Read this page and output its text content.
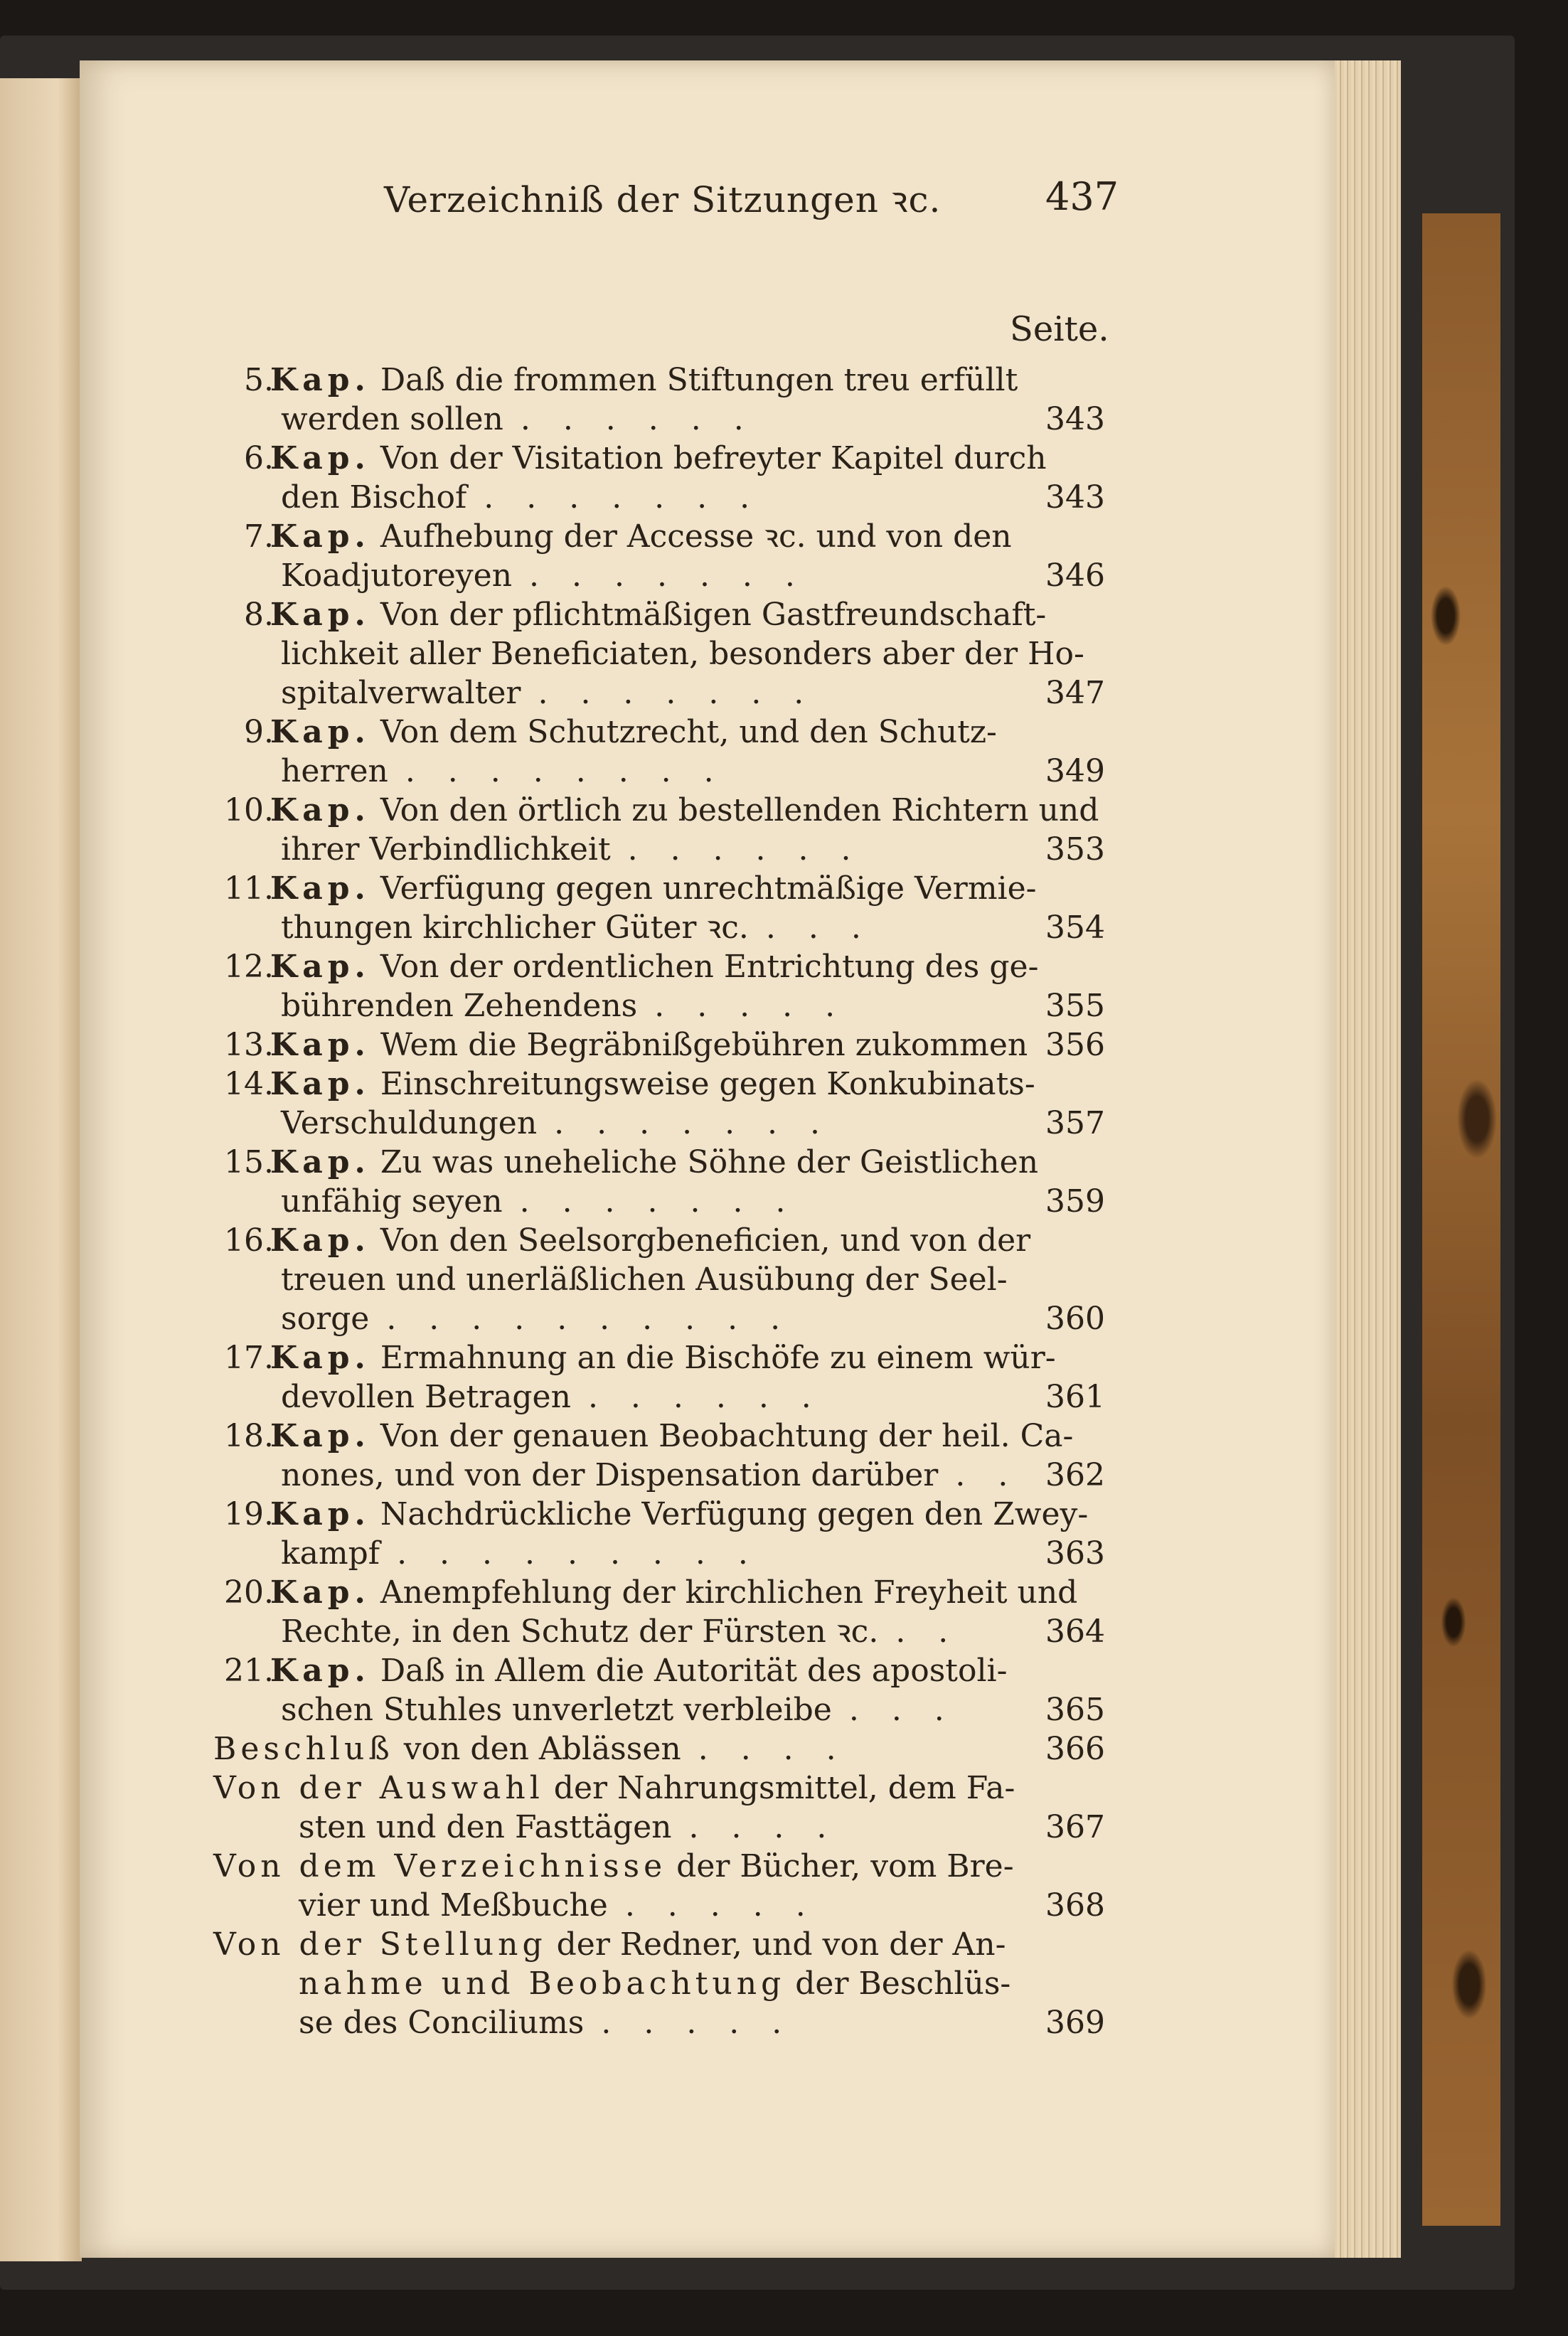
Verzeichniß der Sitzungen ꝛc.	437
Seite.
5.
Kap. Daß die frommen Stiftungen treu erfüllt
werden sollen . . . . . .	343
6.
Kap. Von der Visitation befreyter Kapitel durch
den Bischof . . . . . . .	343
7.
Kap. Aufhebung der Accesse ꝛc. und von den
Koadjutoreyen . . . . . . .	346
8.
Kap. Von der pflichtmäßigen Gastfreundschaft-
lichkeit aller Beneficiaten, besonders aber der Ho-
spitalverwalter . . . . . . .	347
9.
Kap. Von dem Schutzrecht, und den Schutz-
herren . . . . . . . .	349
10.
Kap. Von den örtlich zu bestellenden Richtern und
ihrer Verbindlichkeit . . . . . .	353
11.
Kap. Verfügung gegen unrechtmäßige Vermie-
thungen kirchlicher Güter ꝛc. . . .	354
12.
Kap. Von der ordentlichen Entrichtung des ge-
bührenden Zehendens . . . . .	355
13.
Kap. Wem die Begräbnißgebühren zukommen 356
14.
Kap. Einschreitungsweise gegen Konkubinats-
Verschuldungen . . . . . . .	357
15.
Kap. Zu was uneheliche Söhne der Geistlichen
unfähig seyen . . . . . . .	359
16.
Kap. Von den Seelsorgbeneficien, und von der
treuen und unerläßlichen Ausübung der Seel-
sorge . . . . . . . . . .	360
17.
Kap. Ermahnung an die Bischöfe zu einem wür-
devollen Betragen . . . . . .	361
18.
Kap. Von der genauen Beobachtung der heil. Ca-
nones, und von der Dispensation darüber . . 362
19.
Kap. Nachdrückliche Verfügung gegen den Zwey-
kampf . . . . . . . . .	363
20.
Kap. Anempfehlung der kirchlichen Freyheit und
Rechte, in den Schutz der Fürsten ꝛc. . .	364
21.
Kap. Daß in Allem die Autorität des apostoli-
schen Stuhles unverletzt verbleibe . . .	365
Beschluß von den Ablässen . . . .	366
Von der Auswahl der Nahrungsmittel, dem Fa-
sten und den Fasttägen . . . .	367
Von dem Verzeichnisse der Bücher, vom Bre-
vier und Meßbuche . . . . .	368
Von der Stellung der Redner, und von der An-
nahme und Beobachtung der Beschlüs-
se des Conciliums . . . . .	369
